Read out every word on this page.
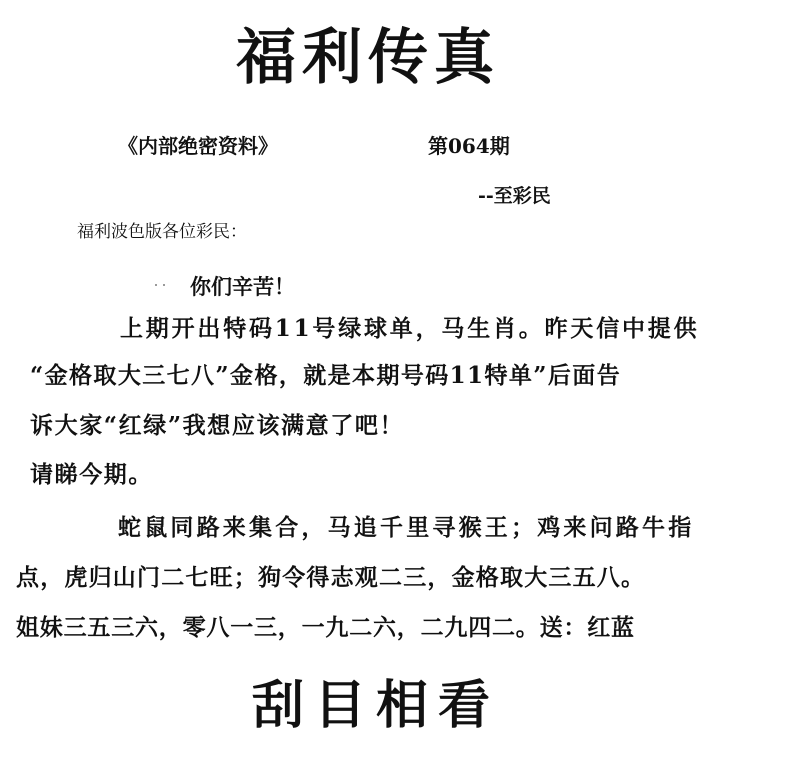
福利传真
《内部绝密资料》	第064期
--至彩民
福利波色版各位彩民：
你们辛苦！
上期开出特码11号绿球单，马生肖。昨天信中提供
“金格取大三七八”金格，就是本期号码11特单”后面告
诉大家“红绿”我想应该满意了吧！
请睇今期。
蛇鼠同路来集合，马追千里寻猴王；鸡来问路牛指
点，虎归山门二七旺；狗令得志观二三，金格取大三五八。
姐妹三五三六，零八一三，一九二六，二九四二。送：红蓝
刮目相看
